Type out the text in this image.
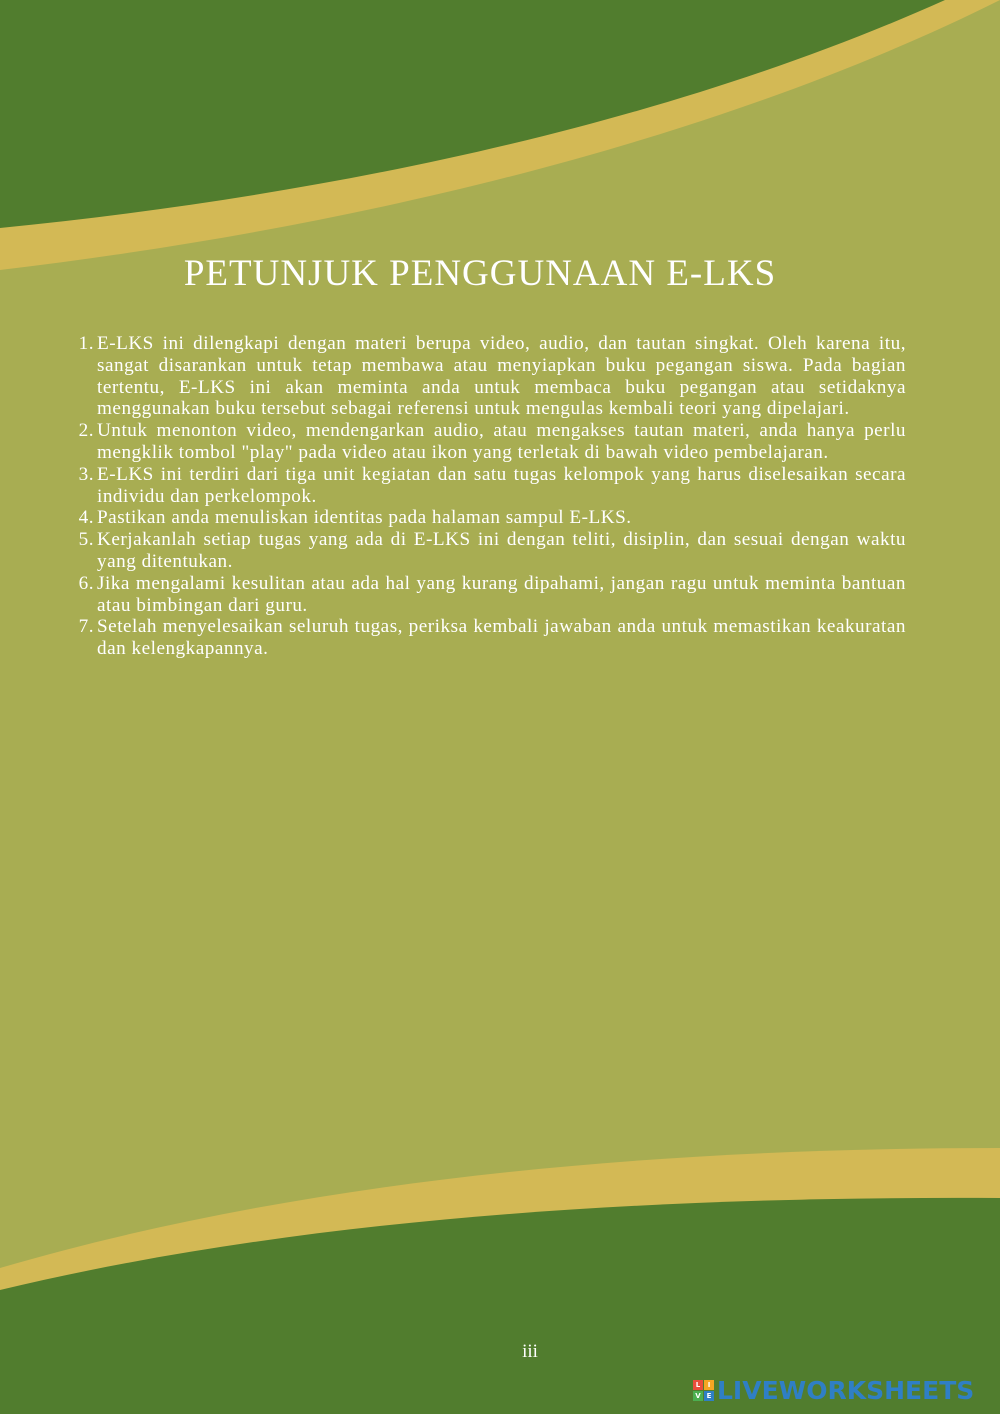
PETUNJUK PENGGUNAAN E-LKS
1. E-LKS ini dilengkapi dengan materi berupa video, audio, dan tautan singkat. Oleh karena itu, sangat disarankan untuk tetap membawa atau menyiapkan buku pegangan siswa. Pada bagian tertentu, E-LKS ini akan meminta anda untuk membaca buku pegangan atau setidaknya menggunakan buku tersebut sebagai referensi untuk mengulas kembali teori yang dipelajari.
2. Untuk menonton video, mendengarkan audio, atau mengakses tautan materi, anda hanya perlu mengklik tombol "play" pada video atau ikon yang terletak di bawah video pembelajaran.
3. E-LKS ini terdiri dari tiga unit kegiatan dan satu tugas kelompok yang harus diselesaikan secara individu dan perkelompok.
4. Pastikan anda menuliskan identitas pada halaman sampul E-LKS.
5. Kerjakanlah setiap tugas yang ada di E-LKS ini dengan teliti, disiplin, dan sesuai dengan waktu yang ditentukan.
6. Jika mengalami kesulitan atau ada hal yang kurang dipahami, jangan ragu untuk meminta bantuan atau bimbingan dari guru.
7. Setelah menyelesaikan seluruh tugas, periksa kembali jawaban anda untuk memastikan keakuratan dan kelengkapannya.
iii
L	I
V E LIVEWORKSHEETS
